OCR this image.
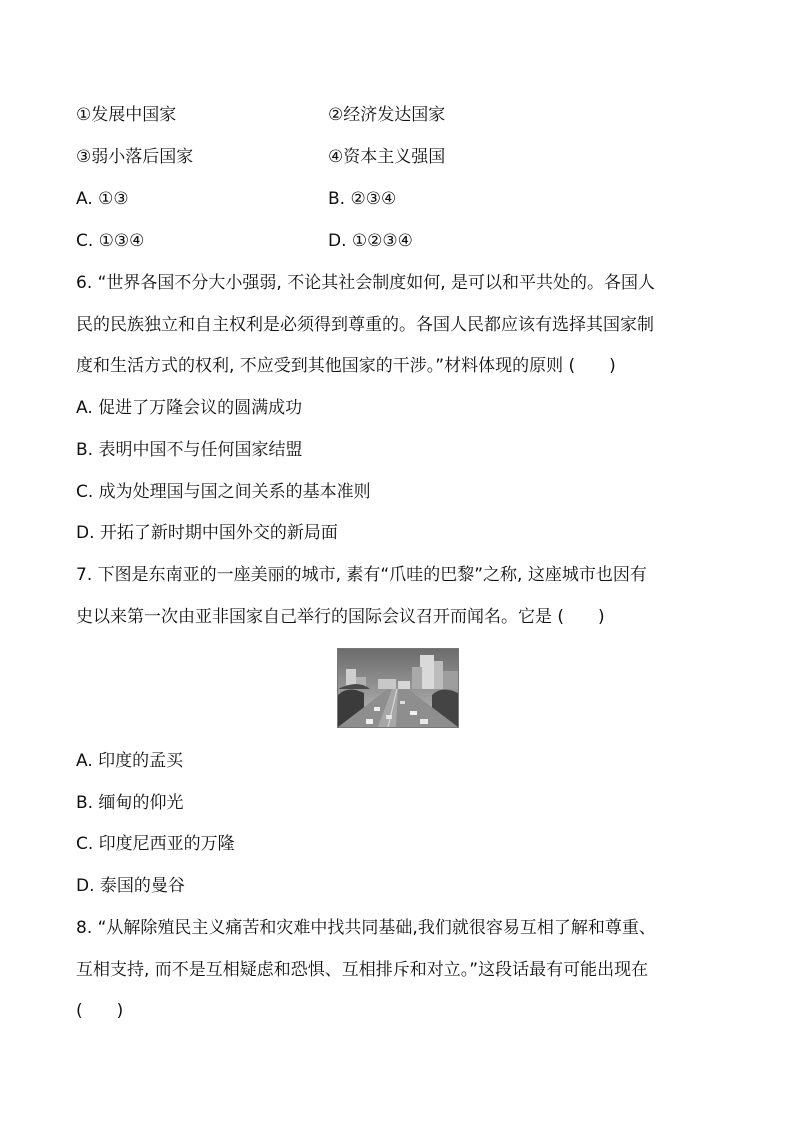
①发展中国家	②经济发达国家
③弱小落后国家	④资本主义强国
A. ①③	B. ②③④
C. ①③④	D. ①②③④
6. “世界各国不分大小强弱, 不论其社会制度如何, 是可以和平共处的。各国人
民的民族独立和自主权利是必须得到尊重的。各国人民都应该有选择其国家制
度和生活方式的权利, 不应受到其他国家的干涉。”材料体现的原则 (　　)
A. 促进了万隆会议的圆满成功
B. 表明中国不与任何国家结盟
C. 成为处理国与国之间关系的基本准则
D. 开拓了新时期中国外交的新局面
7. 下图是东南亚的一座美丽的城市, 素有“爪哇的巴黎”之称, 这座城市也因有
史以来第一次由亚非国家自己举行的国际会议召开而闻名。它是 (　　)
A. 印度的孟买
B. 缅甸的仰光
C. 印度尼西亚的万隆
D. 泰国的曼谷
8. “从解除殖民主义痛苦和灾难中找共同基础,我们就很容易互相了解和尊重、
互相支持, 而不是互相疑虑和恐惧、互相排斥和对立。”这段话最有可能出现在
(　　)
